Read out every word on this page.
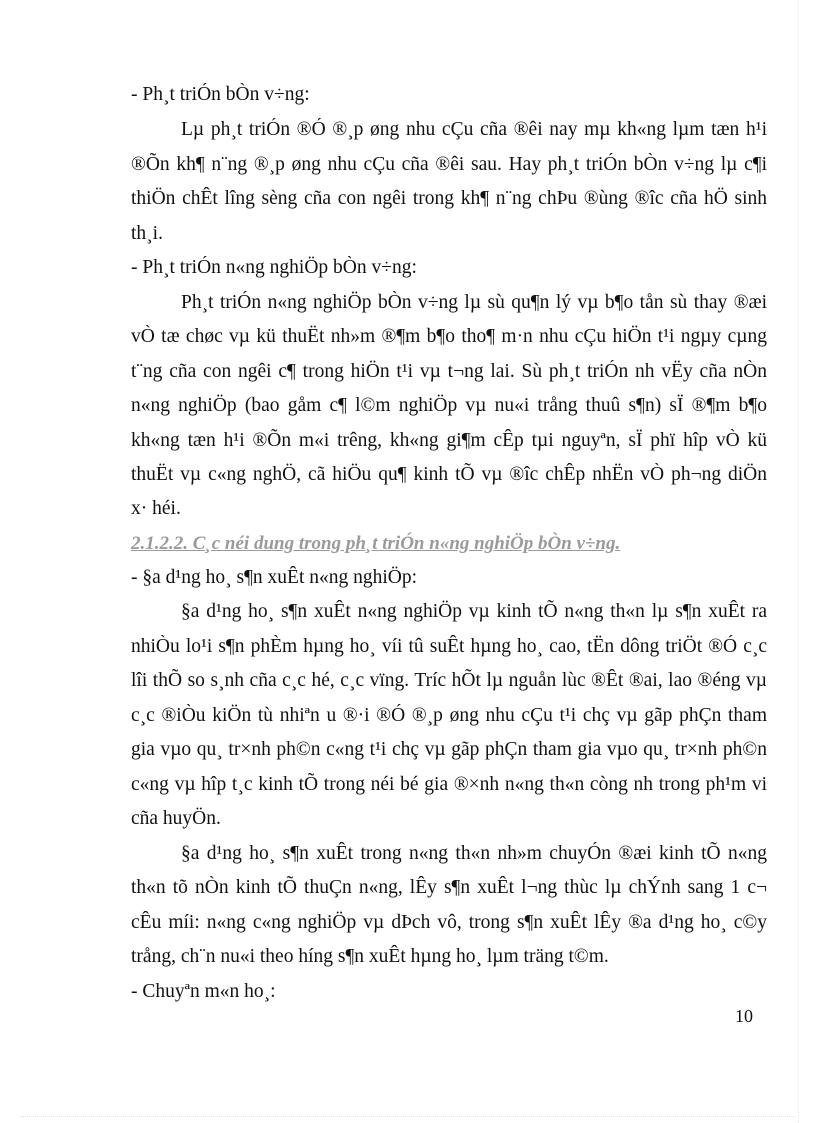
- Ph¸t triÓn bÒn v÷ng:
Lµ ph¸t triÓn ®Ó ®¸p øng nhu cÇu cña ®êi nay mµ kh«ng lµm tæn h¹i
®Õn kh¶ n¨ng ®¸p øng nhu cÇu cña ®êi sau. Hay ph¸t triÓn bÒn v÷ng lµ c¶i
thiÖn chÊt lîng sèng cña con ngêi trong kh¶ n¨ng chÞu ®ùng ®îc cña hÖ sinh
th¸i.
- Ph¸t triÓn n«ng nghiÖp bÒn v÷ng:
Ph¸t triÓn n«ng nghiÖp bÒn v÷ng lµ sù qu¶n lý vµ b¶o tån sù thay ®æi
vÒ tæ chøc vµ kü thuËt nh»m ®¶m b¶o tho¶ m·n nhu cÇu hiÖn t¹i ngµy cµng
t¨ng cña con ngêi c¶ trong hiÖn t¹i vµ t¬ng lai. Sù ph¸t triÓn nh vËy cña nÒn
n«ng nghiÖp (bao gåm c¶ l©m nghiÖp vµ nu«i trång thuû s¶n) sÏ ®¶m b¶o
kh«ng tæn h¹i ®Õn m«i trêng, kh«ng gi¶m cÊp tµi nguyªn, sÏ phï hîp vÒ kü
thuËt vµ c«ng nghÖ, cã hiÖu qu¶ kinh tÕ vµ ®îc chÊp nhËn vÒ ph¬ng diÖn
x· héi.
2.1.2.2. C¸c néi dung trong ph¸t triÓn n«ng nghiÖp bÒn v÷ng.
- §a d¹ng ho¸ s¶n xuÊt n«ng nghiÖp:
§a d¹ng ho¸ s¶n xuÊt n«ng nghiÖp vµ kinh tÕ n«ng th«n lµ s¶n xuÊt ra
nhiÒu lo¹i s¶n phÈm hµng ho¸ víi tû suÊt hµng ho¸ cao, tËn dông triÖt ®Ó c¸c
lîi thÕ so s¸nh cña c¸c hé, c¸c vïng. Tríc hÕt lµ nguån lùc ®Êt ®ai, lao ®éng vµ
c¸c ®iÒu kiÖn tù nhiªn u ®·i ®Ó ®¸p øng nhu cÇu t¹i chç vµ gãp phÇn tham
gia vµo qu¸ tr×nh ph©n c«ng t¹i chç vµ gãp phÇn tham gia vµo qu¸ tr×nh ph©n
c«ng vµ hîp t¸c kinh tÕ trong néi bé gia ®×nh n«ng th«n còng nh trong ph¹m vi
cña huyÖn.
§a d¹ng ho¸ s¶n xuÊt trong n«ng th«n nh»m chuyÓn ®æi kinh tÕ n«ng
th«n tõ nÒn kinh tÕ thuÇn n«ng, lÊy s¶n xuÊt l¬ng thùc lµ chÝnh sang 1 c¬
cÊu míi: n«ng c«ng nghiÖp vµ dÞch vô, trong s¶n xuÊt lÊy ®a d¹ng ho¸ c©y
trång, ch¨n nu«i theo híng s¶n xuÊt hµng ho¸ lµm träng t©m.
- Chuyªn m«n ho¸:
10
